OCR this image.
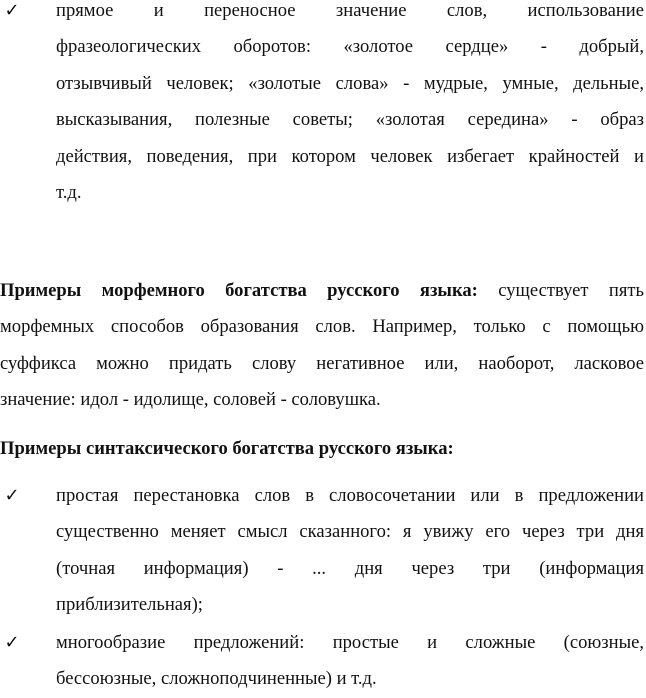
✓	прямое и переносное значение слов, использование
фразеологических оборотов: «золотое сердце» - добрый,
отзывчивый человек; «золотые слова» - мудрые, умные, дельные,
высказывания, полезные советы; «золотая середина» - образ
действия, поведения, при котором человек избегает крайностей и
т.д.
Примеры морфемного богатства русского языка: существует пять
морфемных способов образования слов. Например, только с помощью
суффикса можно придать слову негативное или, наоборот, ласковое
значение: идол - идолище, соловей - соловушка.
Примеры синтаксического богатства русского языка:
✓	простая перестановка слов в словосочетании или в предложении
существенно меняет смысл сказанного: я увижу его через три дня
(точная информация) - ... дня через три (информация
приблизительная);
✓	многообразие предложений: простые и сложные (союзные,
бессоюзные, сложноподчиненные) и т.д.
